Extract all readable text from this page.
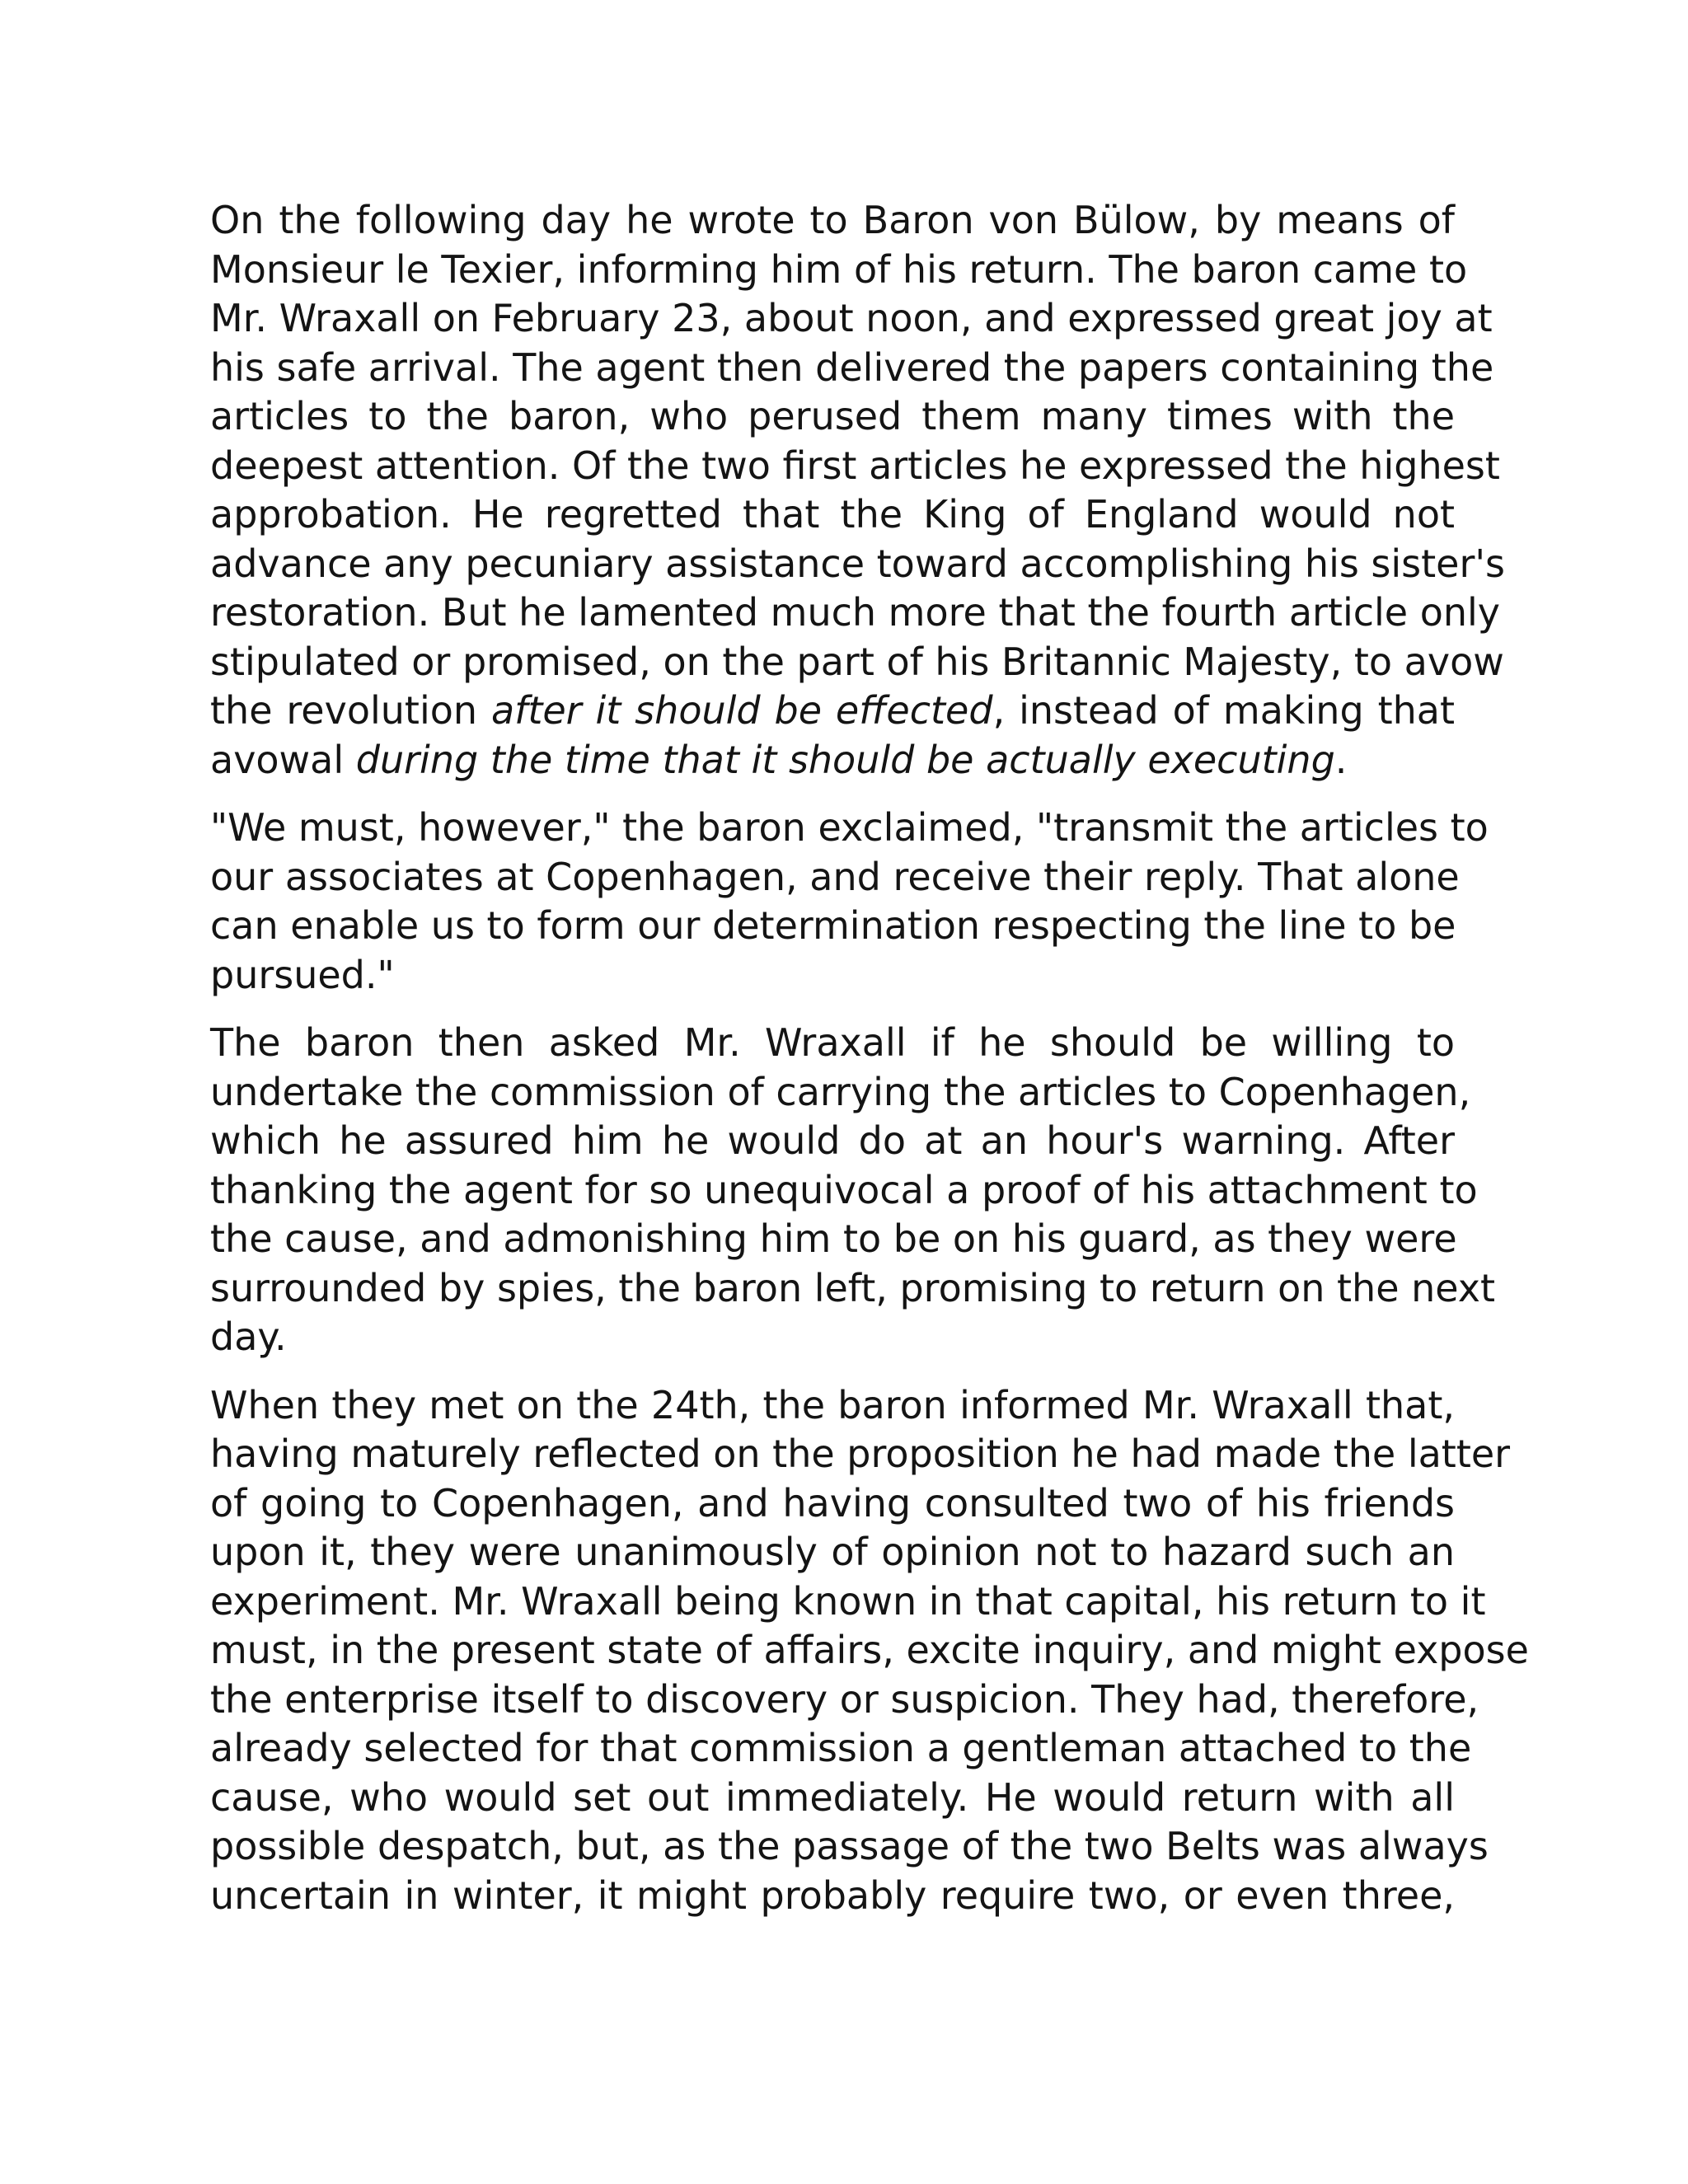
On the following day he wrote to Baron von Bülow, by means of
Monsieur le Texier, informing him of his return. The baron came to
Mr. Wraxall on February 23, about noon, and expressed great joy at
his safe arrival. The agent then delivered the papers containing the
articles to the baron, who perused them many times with the
deepest attention. Of the two first articles he expressed the highest
approbation. He regretted that the King of England would not
advance any pecuniary assistance toward accomplishing his sister's
restoration. But he lamented much more that the fourth article only
stipulated or promised, on the part of his Britannic Majesty, to avow
the revolution after it should be effected, instead of making that
avowal during the time that it should be actually executing.
"We must, however," the baron exclaimed, "transmit the articles to
our associates at Copenhagen, and receive their reply. That alone
can enable us to form our determination respecting the line to be
pursued."
The baron then asked Mr. Wraxall if he should be willing to
undertake the commission of carrying the articles to Copenhagen,
which he assured him he would do at an hour's warning. After
thanking the agent for so unequivocal a proof of his attachment to
the cause, and admonishing him to be on his guard, as they were
surrounded by spies, the baron left, promising to return on the next
day.
When they met on the 24th, the baron informed Mr. Wraxall that,
having maturely reflected on the proposition he had made the latter
of going to Copenhagen, and having consulted two of his friends
upon it, they were unanimously of opinion not to hazard such an
experiment. Mr. Wraxall being known in that capital, his return to it
must, in the present state of affairs, excite inquiry, and might expose
the enterprise itself to discovery or suspicion. They had, therefore,
already selected for that commission a gentleman attached to the
cause, who would set out immediately. He would return with all
possible despatch, but, as the passage of the two Belts was always
uncertain in winter, it might probably require two, or even three,
